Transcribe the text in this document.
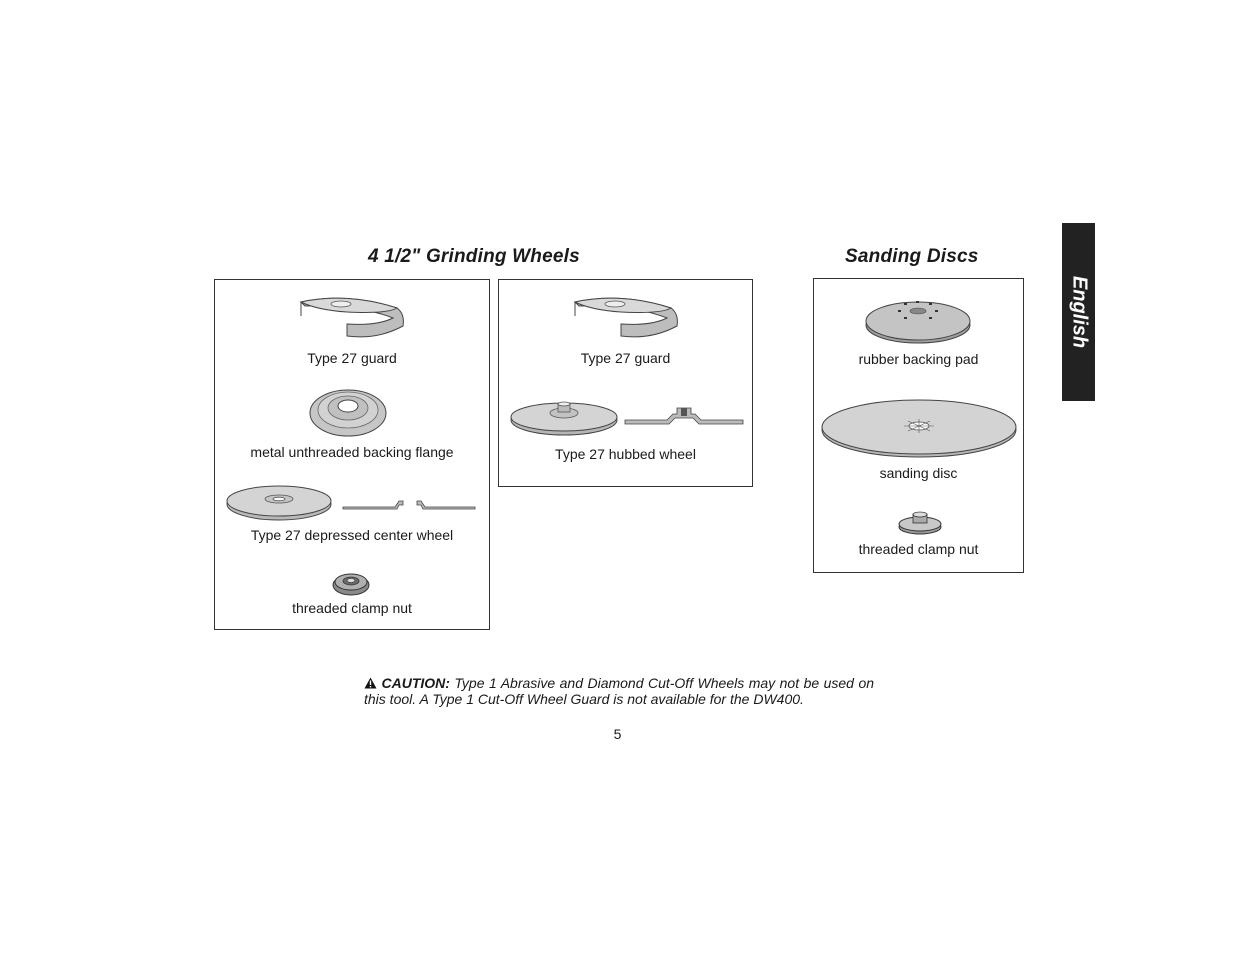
4 1/2" Grinding Wheels	Sanding Discs
English
Type 27 guard
metal unthreaded backing flange
Type 27 depressed center wheel
threaded clamp nut
Type 27 guard
Type 27 hubbed wheel
rubber backing pad
sanding disc
threaded clamp nut
CAUTION: Type 1 Abrasive and Diamond Cut-Off Wheels may not be used on this tool. A Type 1 Cut-Off Wheel Guard is not available for the DW400.
5
